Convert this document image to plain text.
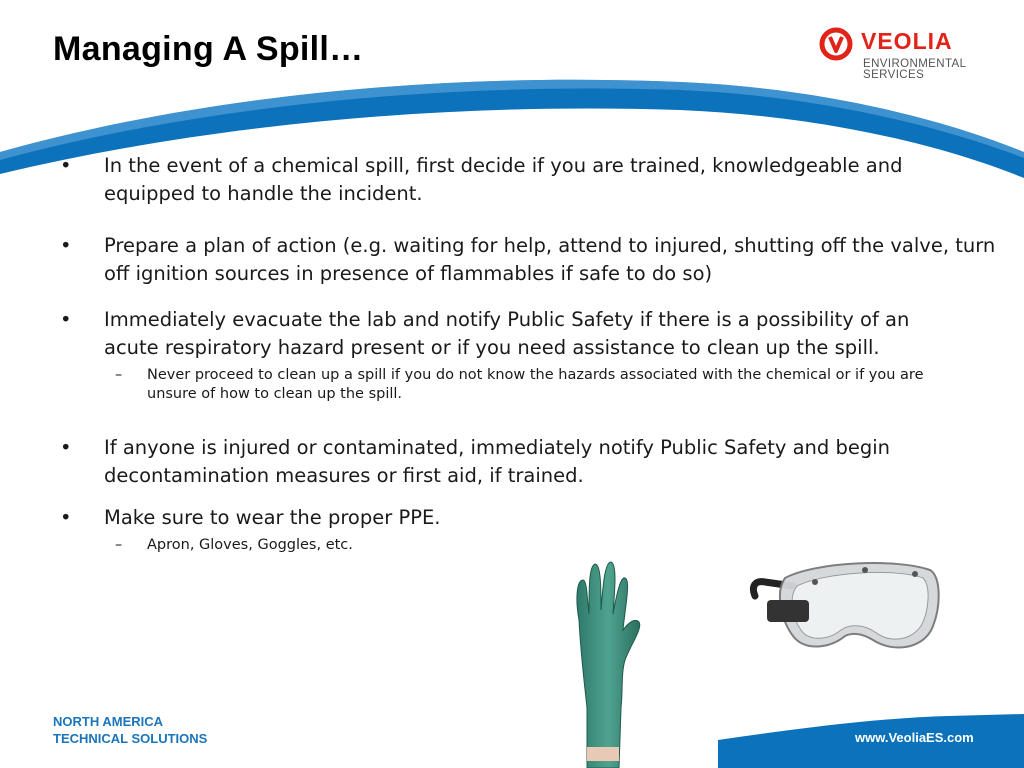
Managing A Spill…	VEOLIA
ENVIRONMENTAL
SERVICES
• In the event of a chemical spill, first decide if you are trained, knowledgeable and equipped to handle the incident.
• Prepare a plan of action (e.g. waiting for help, attend to injured, shutting off the valve, turn off ignition sources in presence of flammables if safe to do so)
• Immediately evacuate the lab and notify Public Safety if there is a possibility of an acute respiratory hazard present or if you need assistance to clean up the spill.
– Never proceed to clean up a spill if you do not know the hazards associated with the chemical or if you are unsure of how to clean up the spill.
• If anyone is injured or contaminated, immediately notify Public Safety and begin decontamination measures or first aid, if trained.
• Make sure to wear the proper PPE.
– Apron, Gloves, Goggles, etc.
NORTH AMERICA
TECHNICAL SOLUTIONS	www.VeoliaES.com
